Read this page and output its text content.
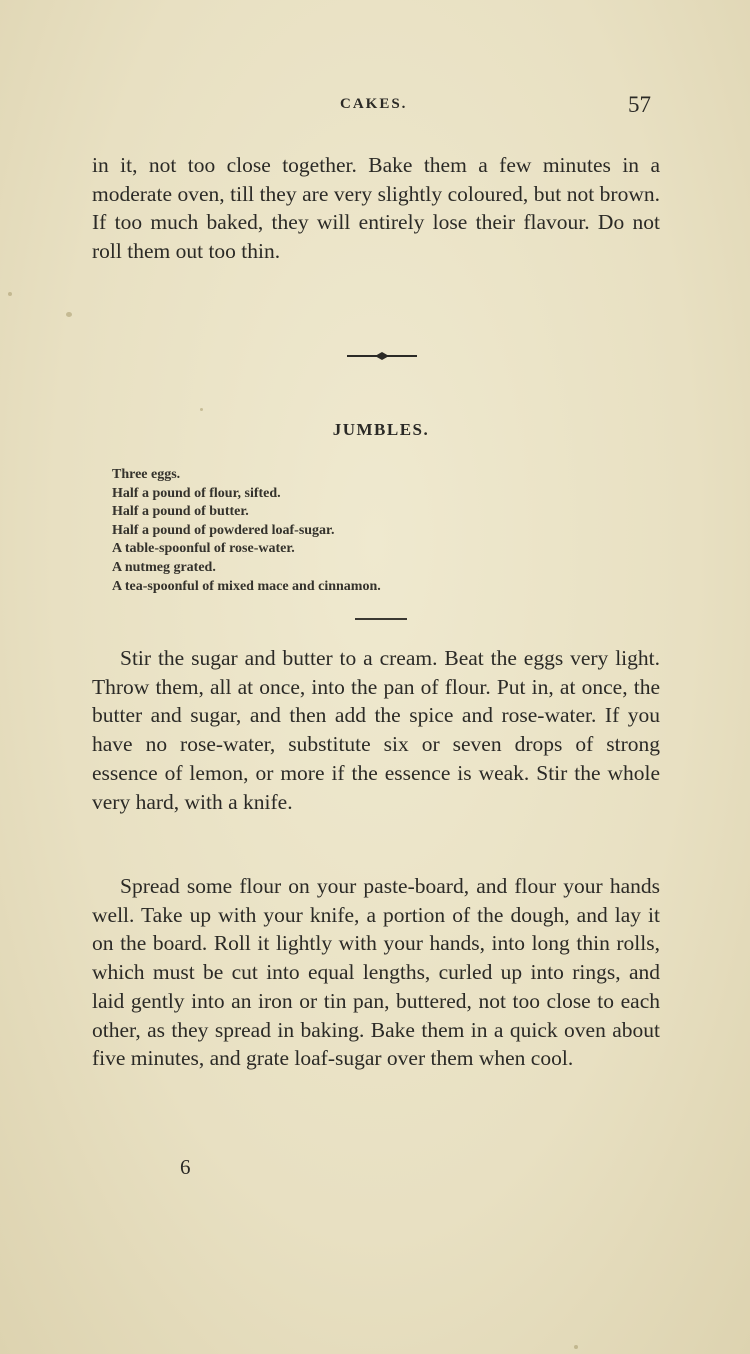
CAKES.	57

in it, not too close together. Bake them a few minutes in a moderate oven, till they are very slightly coloured, but not brown. If too much baked, they will entirely lose their flavour. Do not roll them out too thin.

JUMBLES.
Three eggs.
Half a pound of flour, sifted.
Half a pound of butter.
Half a pound of powdered loaf-sugar.
A table-spoonful of rose-water.
A nutmeg grated.
A tea-spoonful of mixed mace and cinnamon.

Stir the sugar and butter to a cream. Beat the eggs very light. Throw them, all at once, into the pan of flour. Put in, at once, the butter and sugar, and then add the spice and rose-water. If you have no rose-water, substitute six or seven drops of strong essence of lemon, or more if the essence is weak. Stir the whole very hard, with a knife.

Spread some flour on your paste-board, and flour your hands well. Take up with your knife, a portion of the dough, and lay it on the board. Roll it lightly with your hands, into long thin rolls, which must be cut into equal lengths, curled up into rings, and laid gently into an iron or tin pan, buttered, not too close to each other, as they spread in baking. Bake them in a quick oven about five minutes, and grate loaf-sugar over them when cool.

6
